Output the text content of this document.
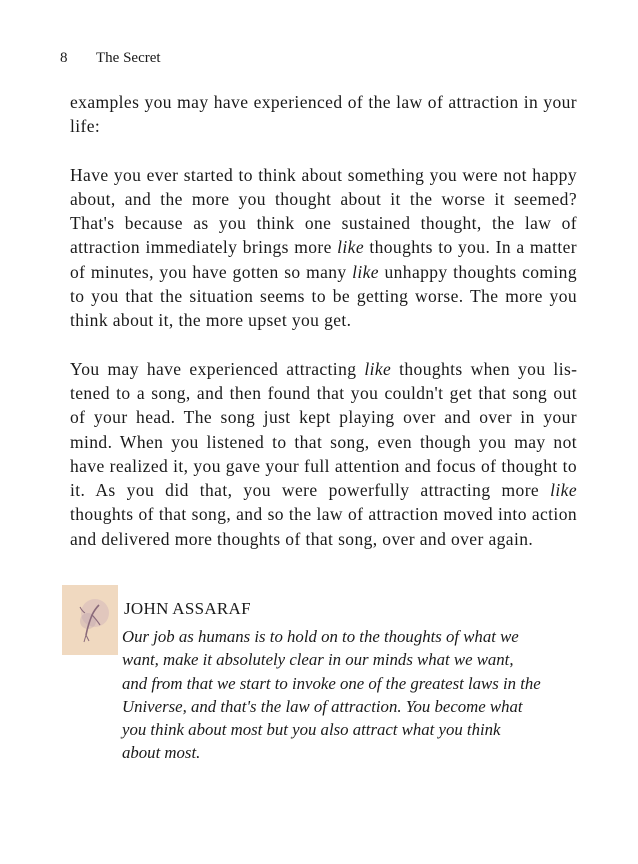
8 The Secret

examples you may have experienced of the law of attraction in your life:

Have you ever started to think about something you were not happy about, and the more you thought about it the worse it seemed? That's because as you think one sustained thought, the law of attraction immediately brings more like thoughts to you. In a matter of minutes, you have gotten so many like unhappy thoughts coming to you that the situation seems to be getting worse. The more you think about it, the more upset you get.

You may have experienced attracting like thoughts when you listened to a song, and then found that you couldn't get that song out of your head. The song just kept playing over and over in your mind. When you listened to that song, even though you may not have realized it, you gave your full attention and focus of thought to it. As you did that, you were powerfully attracting more like thoughts of that song, and so the law of attraction moved into action and delivered more thoughts of that song, over and over again.

JOHN ASSARAF

Our job as humans is to hold on to the thoughts of what we
want, make it absolutely clear in our minds what we want,
and from that we start to invoke one of the greatest laws in the
Universe, and that's the law of attraction. You become what
you think about most but you also attract what you think
about most.
